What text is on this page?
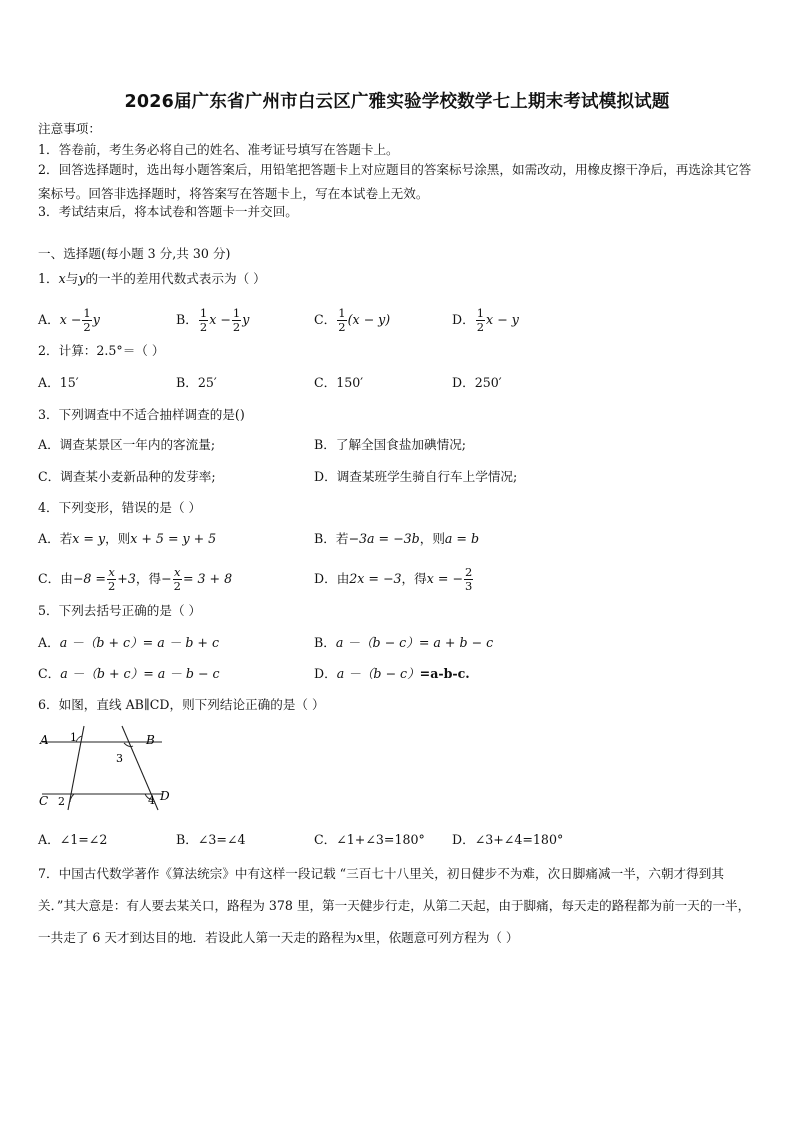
2026届广东省广州市白云区广雅实验学校数学七上期末考试模拟试题
注意事项：
1．答卷前，考生务必将自己的姓名、准考证号填写在答题卡上。
2．回答选择题时，选出每小题答案后，用铅笔把答题卡上对应题目的答案标号涂黑，如需改动，用橡皮擦干净后，再选涂其它答案标号。回答非选择题时，将答案写在答题卡上，写在本试卷上无效。
3．考试结束后，将本试卷和答题卡一并交回。
一、选择题(每小题 3 分,共 30 分)
1．x与y的一半的差用代数式表示为（ ）
A．$x - \frac{1}{2}$ y	B． $\frac{1}{2}$ $x - \frac{1}{2}$ y	C． $\frac{1}{2} (x - y)$	D． $\frac{1}{2}$ x − y
2．计算：2.5°＝（ ）
A．15′	B．25′	C．150′	D．250′
3．下列调查中不适合抽样调查的是()
A．调查某景区一年内的客流量;	B．了解全国食盐加碘情况;
C．调查某小麦新品种的发芽率;	D．调查某班学生骑自行车上学情况;
4．下列变形，错误的是（ ）
A．若x = y，则x + 5 = y + 5	B．若−3a = −3b，则a = b
C．由$-8 = \frac{x}{2} +3$，得− $\frac{x}{2} = 3 + 8$	D．由2x = −3，得x = − $\frac{2}{3}$
5．下列去括号正确的是（ ）
A．a －（b + c）= a － b + c	B．a －（b − c）= a + b − c
C．a －（b + c）= a － b − c	D．a －（b − c）=a-b-c.
6．如图，直线 AB∥CD，则下列结论正确的是（ ）
A	B
C	D
1
2
3
4
A．∠1=∠2	B．∠3=∠4	C．∠1+∠3=180° D．∠3+∠4=180°
7．中国古代数学著作《算法统宗》中有这样一段记载 “三百七十八里关，初日健步不为难，次日脚痛减一半，六朝才得到其关．”其大意是：有人要去某关口，路程为 378 里，第一天健步行走，从第二天起，由于脚痛，每天走的路程都为前一天的一半，一共走了 6 天才到达目的地．若设此人第一天走的路程为x里，依题意可列方程为（ ）
